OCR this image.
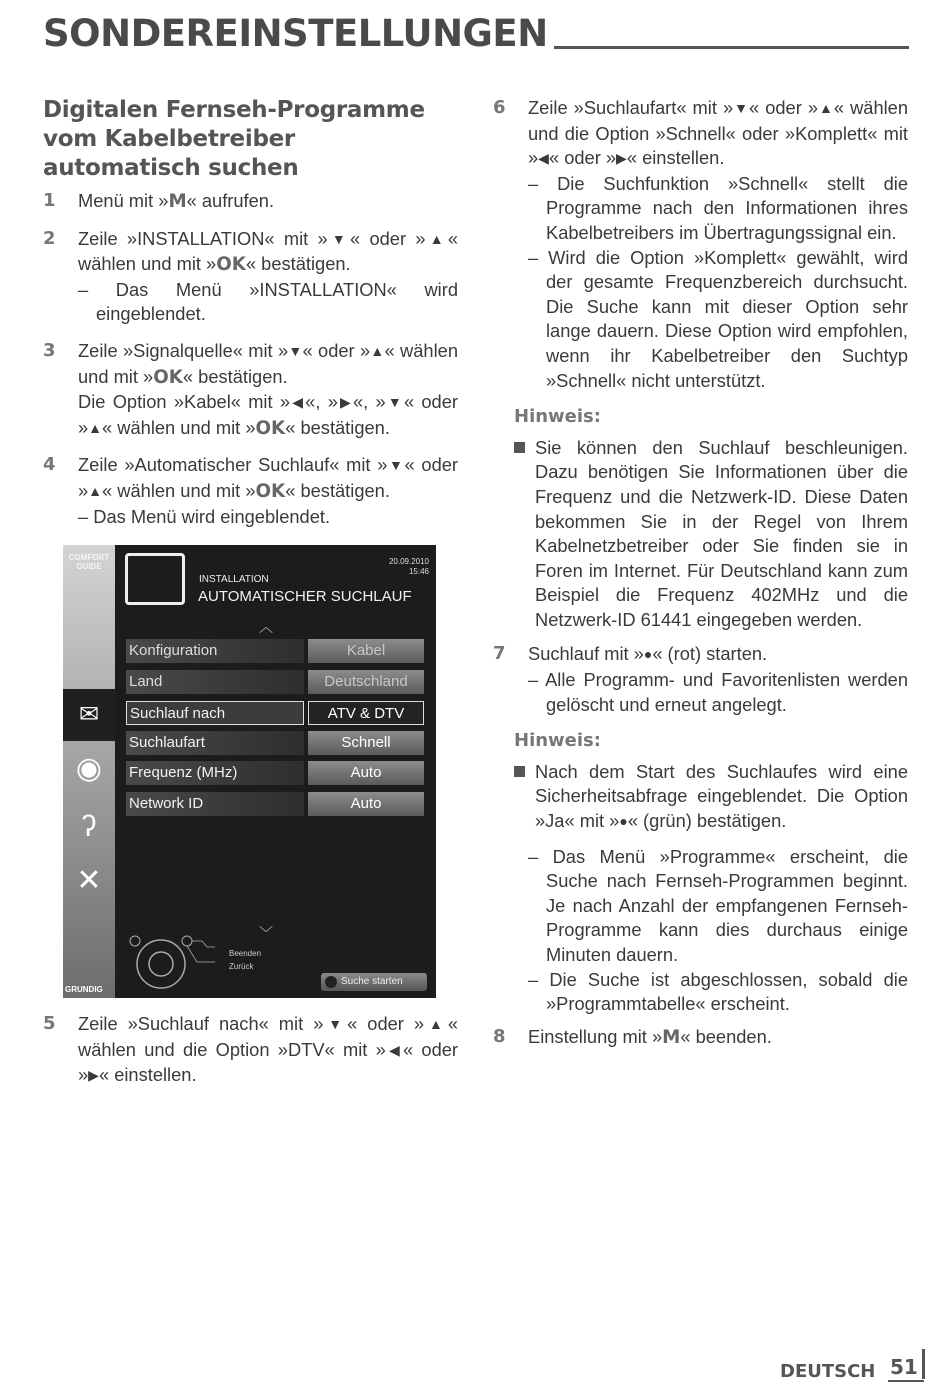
SONDEREINSTELLUNGEN
Digitalen Fernseh-Programme vom Kabelbetreiber automatisch suchen
1 Menü mit »M« aufrufen.
2 Zeile »INSTALLATION« mit »▼« oder »▲« wählen und mit »OK« bestätigen.
– Das Menü »INSTALLATION« wird eingeblendet.
3 Zeile »Signalquelle« mit »▼« oder »▲« wählen und mit »OK« bestätigen.
Die Option »Kabel« mit »◀«, »▶«, »▼« oder »▲« wählen und mit »OK« bestätigen.
4 Zeile »Automatischer Suchlauf« mit »▼« oder »▲« wählen und mit »OK« bestätigen.
– Das Menü wird eingeblendet.
COMFORT GUIDE
✉
◉
ʔ
✕
GRUNDIG
INSTALLATION
AUTOMATISCHER SUCHLAUF
20.09.2010
15:46
︿
Konfiguration	Kabel
Land	Deutschland
Suchlauf nach	ATV & DTV
Suchlaufart	Schnell
Frequenz (MHz)	Auto
Network ID	Auto
﹀
Beenden
Zurück
Suche starten
5 Zeile »Suchlauf nach« mit »▼« oder »▲« wählen und die Option »DTV« mit »◀« oder »▶« einstellen.
6 Zeile »Suchlaufart« mit »▼« oder »▲« wählen und die Option »Schnell« oder »Komplett« mit »◀« oder »▶« einstellen.
– Die Suchfunktion »Schnell« stellt die Programme nach den Informationen ihres Kabelbetreibers im Übertragungssignal ein.
– Wird die Option »Komplett« gewählt, wird der gesamte Frequenzbereich durchsucht. Die Suche kann mit dieser Option sehr lange dauern. Diese Option wird empfohlen, wenn ihr Kabelbetreiber den Suchtyp »Schnell« nicht unterstützt.
Hinweis:
Sie können den Suchlauf beschleunigen. Dazu benötigen Sie Informationen über die Frequenz und die Netzwerk-ID. Diese Daten bekommen Sie in der Regel von Ihrem Kabelnetzbetreiber oder Sie finden sie in Foren im Internet. Für Deutschland kann zum Beispiel die Frequenz 402MHz und die Netzwerk-ID 61441 eingegeben werden.
7 Suchlauf mit »●« (rot) starten.
– Alle Programm- und Favoritenlisten werden gelöscht und erneut angelegt.
Hinweis:
Nach dem Start des Suchlaufes wird eine Sicherheitsabfrage eingeblendet. Die Option »Ja« mit »●« (grün) bestätigen.
– Das Menü »Programme« erscheint, die Suche nach Fernseh-Programmen beginnt. Je nach Anzahl der empfangenen Fernseh-Programme kann dies durchaus einige Minuten dauern.
– Die Suche ist abgeschlossen, sobald die »Programmtabelle« erscheint.
8 Einstellung mit »M« beenden.
DEUTSCH 51
